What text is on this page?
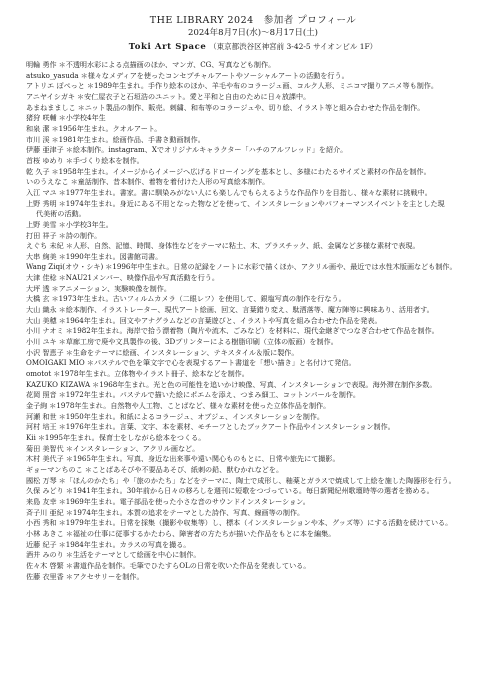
THE LIBRARY 2024　参加者 プロフィール
2024年8月7日(水)～8月17日(土)
Toki Art Space （東京都渋谷区神宮前 3-42-5 サイオンビル 1F）
明輪 勇作 ＊不透明水彩による点描画のほか、マンガ、CG、写真なども制作。
atsuko_yasuda ＊様々なメディアを使ったコンセプチャルアートやソーシャルアートの活動を行う。
アトリエ ぽぺっと ＊1989年生まれ。手作り絵本のほか、羊毛や布のコラージュ画、コルク人形、ミニコマ撮りアニメ等も制作。
アニヤイシガキ ＊安仁屋衣子と石垣浩のユニット。愛と平和と自由のために日々放課中。
あまねまましこ ＊ニット製品の制作、販売。刺繍、和布等のコラージュや、切り絵、イラスト等と組み合わせた作品を制作。
猪狩 咲輔 ＊小学校4年生
和泉 潔 ＊1956年生まれ。クオルアート。
市川 渓 ＊1981年生まれ。絵画作品、手書き動画制作。
伊藤 亜津子 ＊絵本制作。instagram、Xでオリジナルキャラクター「ハチのアルフレッド」を紹介。
首桜 ゆめり ＊手づくり絵本を制作。
乾 久子 ＊1958年生まれ。イメージからイメージへ広げるドローイングを基本とし、多様にわたるサイズと素材の作品を制作。
いのうえなこ ＊童話制作、昔本制作、着物を着付けた人形の写真絵本制作。
入江 マユ ＊1977年生まれ。書家。書に馴染みがない人にも楽しんでもらえるような作品作りを目指し、様々な素材に挑戦中。
上野 秀明 ＊1974年生まれ。身近にある不用となった物などを使って、インスタレーションやパフォーマンスイベントを主とした現
代美術の活動。
上野 美雪 ＊小学校3年生。
打田 祥子 ＊詩の制作。
えぐち 未紀 ＊人形、自然、記憶、時間、身体性などをテーマに粘土、木、プラスチック、紙、金属など多様な素材で表現。
大串 絢美 ＊1990年生まれ。図書館司書。
Wang Ziqi(オウ・シキ) ＊1996年中生まれ。日常の記録をノートに水彩で描くほか、アクリル画や、最近では水性木版画なども制作。
大津 佳稔 ＊NAU21メンバー、映像作品や写真活動を行う。
大坪 透 ＊アニメーション、実験映像を制作。
大橋 玄 ＊1973年生まれ。古いフィルムカメラ（二眼レフ）を使用して、銀塩写真の制作を行なう。
大山 織永 ＊絵本制作、イラストレーター、現代アート絵画、回文、言葉錯り変え、駄洒落等、魔方陣等に興味あり、活用者す。
大山 美穂 ＊1964年生まれ。回文やアナグラムなどの言葉遊びと、イラストや写真を組み合わせた作品を発表。
小川 ナオミ ＊1982年生まれ。海岸で拾う漂着物（陶片や流木、ごみなど）を材料に、現代金継ぎでつなぎ合わせて作品を制作。
小川 ユキ ＊草廊工房で廃や文具製作の後、3Dプリンターによる樹脂印刷（立体の版画）を制作。
小沢 智恵子 ＊生命をテーマに絵画、インスタレーション、テキスタイル＆版に製作。
OMOIGAKI MIO ＊パステルで色を筆文字で心を表現するアート書道を「想い描き」と名付けて発信。
omotot ＊1978年生まれ。立体物やイラスト冊子、絵本などを制作。
KAZUKO KIZAWA ＊1968年生まれ。光と色の可能性を追いかけ映像、写真、インスタレーションで表現。海外滞在制作多数。
花岡 照音 ＊1972年生まれ。パステルで描いた絵にポエムを添え、つまみ細工、コットンパールを制作。
金子絢 ＊1978年生まれ。自然物や人工物、ことばなど、様々な素材を使った立体作品を制作。
河瀬 和世 ＊1950年生まれ。和紙によるコラージュ、オブジェ、インスタレーションを制作。
河村 培王 ＊1976年生まれ。言葉、文字、本を素材、モチーフとしたブックアート作品やインスタレーション制作。
Kii ＊1995年生まれ。保育士をしながら絵本をつくる。
菊田 美智代 ＊インスタレーション、アクリル画など。
木村 美代子 ＊1965年生まれ。写真、身近な出来事や遠い関心ものもとに、日常や旅先にて撮影。
ギョーマンちのこ ＊ことばあそびや不要品あそび、紙刺の鉛、獣むかれなどを。
國松 万琴 ＊「ほんのかたち」や「旅のかたち」などをテーマに、陶土で成形し、釉薬とガラスで焼成して上絵を施した陶器形を行う。
久保 みどり ＊1941年生まれ。30年前から日々の移ろしを週刊に短歌をつづっている。毎日新聞紀州歌壇時等の選者を務める。
来島 友幸 ＊1969年生まれ。電子部品を使った小さな音のサウンドインスタレーション。
斉子川 亜紀 ＊1974年生まれ。本質の追求をテーマとした詩作、写真、線画等の制作。
小西 秀和 ＊1979年生まれ。日常を採集（撮影や収集等）し、標本（インスタレーションや本、グッズ等）にする活動を続けている。
小林 あきこ ＊福祉の仕事に従事するかたわら、障害者の方たちが描いた作品をもとに本を編集。
近藤 紀子 ＊1984年生まれ。カラスの写真を撮る。
酒井 みのり ＊生活をテーマとして絵画を中心に制作。
佐々木 啓繁 ＊書道作品を制作。毛筆でひたすらOLの日常を吹いた作品を発表している。
佐藤 衣里香 ＊アクセサリーを制作。
